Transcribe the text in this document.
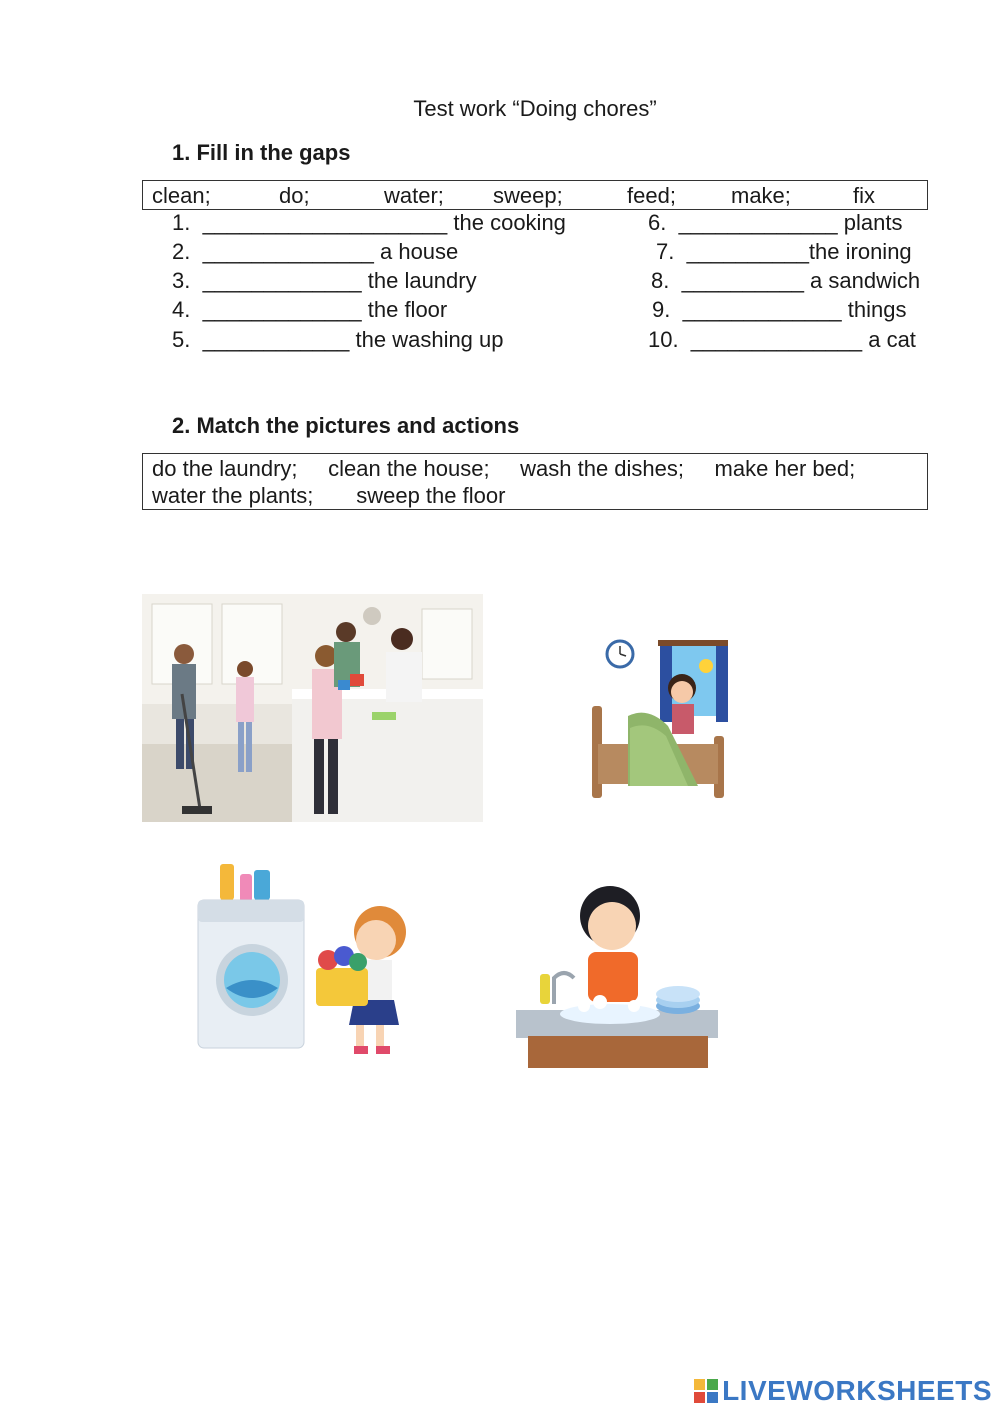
Test work “Doing chores”
1. Fill in the gaps
clean;	do;	water; sweep;	feed;	make;	fix
1.  ____________________ the cooking
2.  ______________ a house
3.  _____________ the laundry
4.  _____________ the floor
5.  ____________ the washing up
6.  _____________ plants
7.  __________the ironing
8.  __________ a sandwich
9.  _____________ things
10.  ______________ a cat
2. Match the pictures and actions
do the laundry;     clean the house;     wash the dishes;     make her bed;
water the plants;       sweep the floor
LIVEWORKSHEETS
